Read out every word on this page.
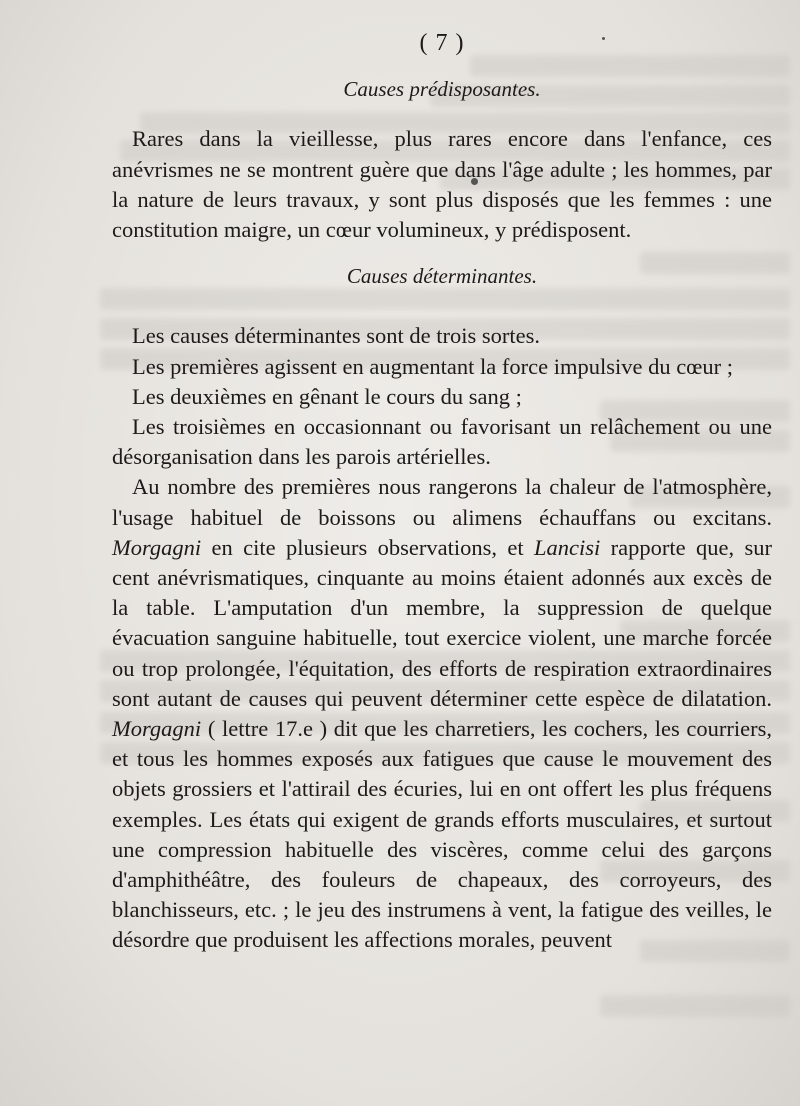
( 7 )
Causes prédisposantes.

Rares dans la vieillesse, plus rares encore dans l'enfance, ces anévrismes ne se montrent guère que dans l'âge adulte ; les hommes, par la nature de leurs travaux, y sont plus disposés que les femmes : une constitution maigre, un cœur volumineux, y prédisposent.

Causes déterminantes.

Les causes déterminantes sont de trois sortes.

Les premières agissent en augmentant la force impulsive du cœur ;

Les deuxièmes en gênant le cours du sang ;

Les troisièmes en occasionnant ou favorisant un relâchement ou une désorganisation dans les parois artérielles.

Au nombre des premières nous rangerons la chaleur de l'atmosphère, l'usage habituel de boissons ou alimens échauffans ou excitans. Morgagni en cite plusieurs observations, et Lancisi rapporte que, sur cent anévrismatiques, cinquante au moins étaient adonnés aux excès de la table. L'amputation d'un membre, la suppression de quelque évacuation sanguine habituelle, tout exercice violent, une marche forcée ou trop prolongée, l'équitation, des efforts de respiration extraordinaires sont autant de causes qui peuvent déterminer cette espèce de dilatation. Morgagni ( lettre 17.e ) dit que les charretiers, les cochers, les courriers, et tous les hommes exposés aux fatigues que cause le mouvement des objets grossiers et l'attirail des écuries, lui en ont offert les plus fréquens exemples. Les états qui exigent de grands efforts musculaires, et surtout une compression habituelle des viscères, comme celui des garçons d'amphithéâtre, des fouleurs de chapeaux, des corroyeurs, des blanchisseurs, etc. ; le jeu des instrumens à vent, la fatigue des veilles, le désordre que produisent les affections morales, peuvent
